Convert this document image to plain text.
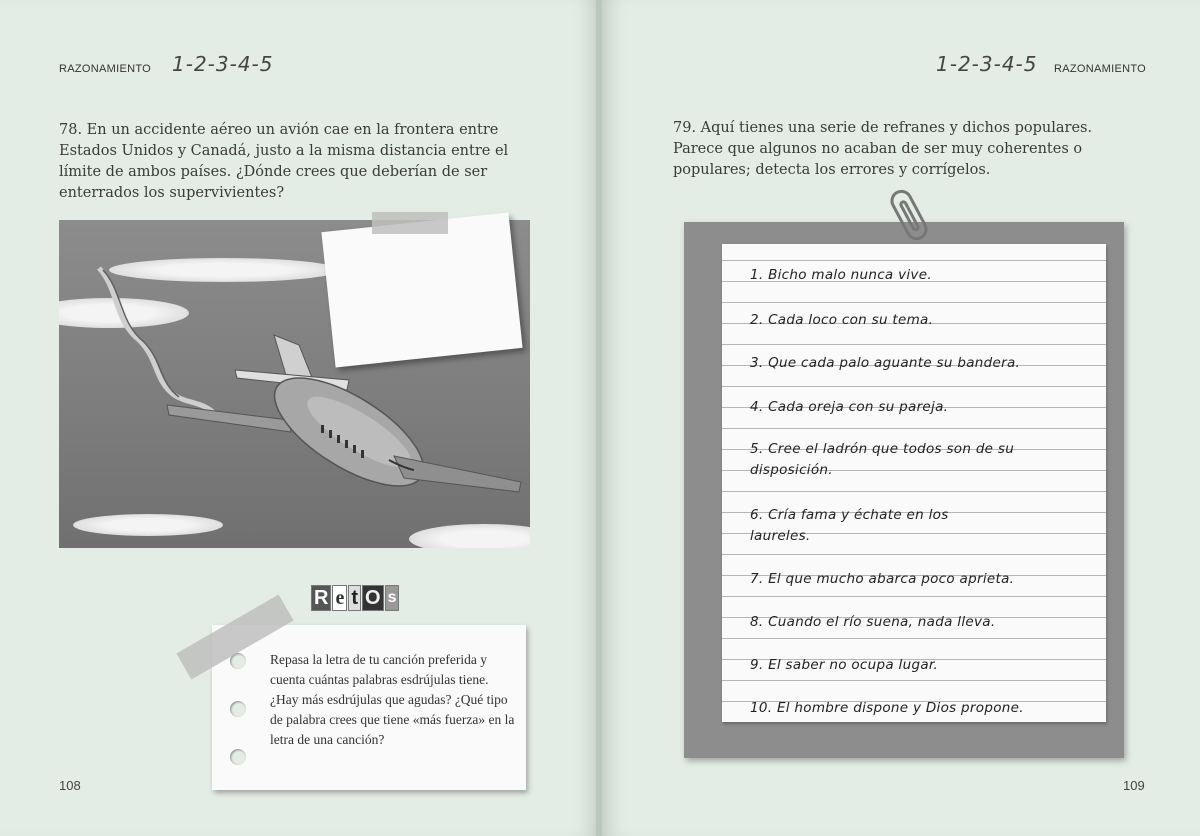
RAZONAMIENTO 1-2-3-4-5

78. En un accidente aéreo un avión cae en la frontera entre Estados Unidos y Canadá, justo a la misma distancia entre el límite de ambos países. ¿Dónde crees que deberían de ser enterrados los supervivientes?

R e t O s

Repasa la letra de tu canción preferida y cuenta cuántas palabras esdrújulas tiene. ¿Hay más esdrújulas que agudas? ¿Qué tipo de palabra crees que tiene «más fuerza» en la letra de una canción?

108
1-2-3-4-5 RAZONAMIENTO

79. Aquí tienes una serie de refranes y dichos populares. Parece que algunos no acaban de ser muy coherentes o populares; detecta los errores y corrígelos.

1. Bicho malo nunca vive.

2. Cada loco con su tema.

3. Que cada palo aguante su bandera.

4. Cada oreja con su pareja.

5. Cree el ladrón que todos son de su disposición.

6. Cría fama y échate en los laureles.

7. El que mucho abarca poco aprieta.

8. Cuando el río suena, nada lleva.

9. El saber no ocupa lugar.

10. El hombre dispone y Dios propone.

109
